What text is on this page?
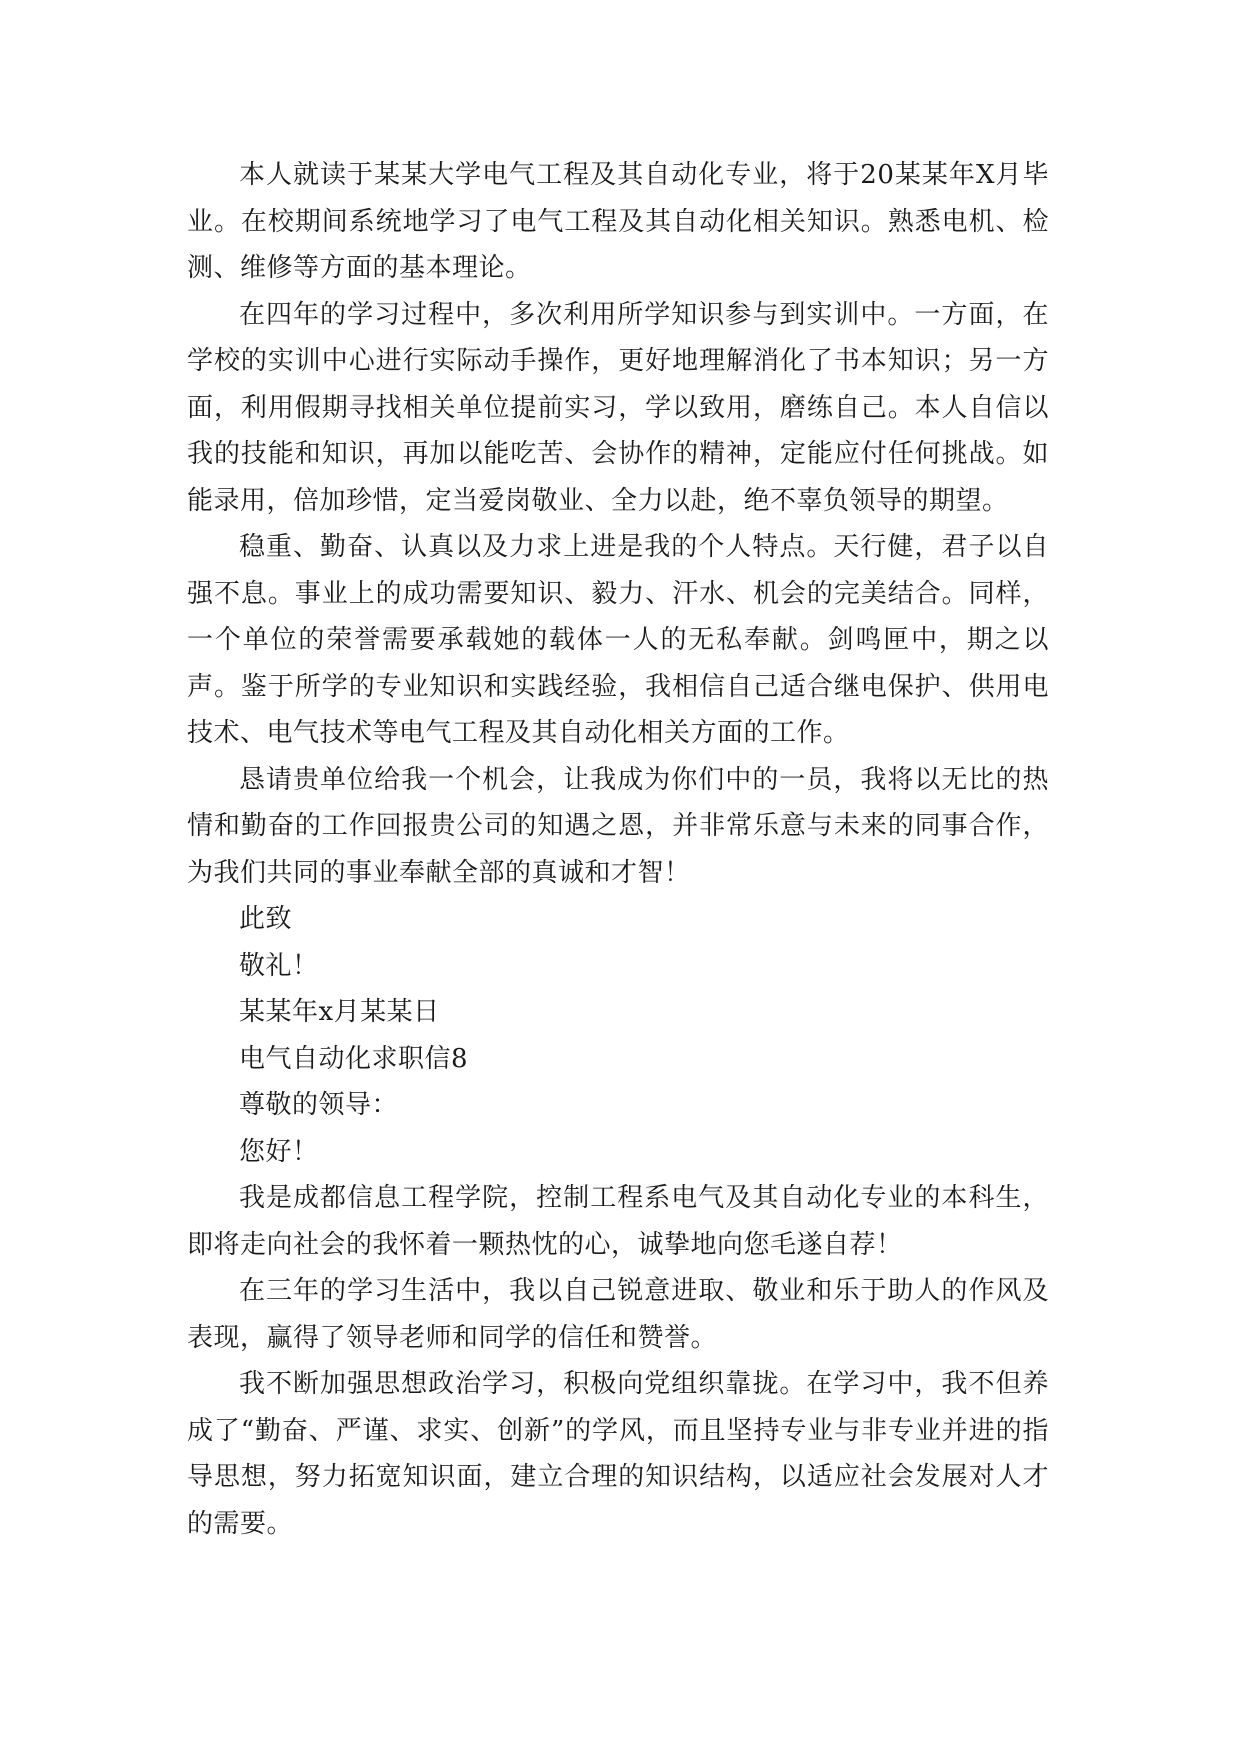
本人就读于某某大学电气工程及其自动化专业，将于20某某年X月毕业。在校期间系统地学习了电气工程及其自动化相关知识。熟悉电机、检测、维修等方面的基本理论。

在四年的学习过程中，多次利用所学知识参与到实训中。一方面，在学校的实训中心进行实际动手操作，更好地理解消化了书本知识；另一方面，利用假期寻找相关单位提前实习，学以致用，磨练自己。本人自信以我的技能和知识，再加以能吃苦、会协作的精神，定能应付任何挑战。如能录用，倍加珍惜，定当爱岗敬业、全力以赴，绝不辜负领导的期望。

稳重、勤奋、认真以及力求上进是我的个人特点。天行健，君子以自强不息。事业上的成功需要知识、毅力、汗水、机会的完美结合。同样，一个单位的荣誉需要承载她的载体一人的无私奉献。剑鸣匣中，期之以声。鉴于所学的专业知识和实践经验，我相信自己适合继电保护、供用电技术、电气技术等电气工程及其自动化相关方面的工作。

恳请贵单位给我一个机会，让我成为你们中的一员，我将以无比的热情和勤奋的工作回报贵公司的知遇之恩，并非常乐意与未来的同事合作，为我们共同的事业奉献全部的真诚和才智！

此致

敬礼！

某某年x月某某日

电气自动化求职信8

尊敬的领导：

您好！

我是成都信息工程学院，控制工程系电气及其自动化专业的本科生，即将走向社会的我怀着一颗热忱的心，诚挚地向您毛遂自荐！

在三年的学习生活中，我以自己锐意进取、敬业和乐于助人的作风及表现，赢得了领导老师和同学的信任和赞誉。

我不断加强思想政治学习，积极向党组织靠拢。在学习中，我不但养成了“勤奋、严谨、求实、创新”的学风，而且坚持专业与非专业并进的指导思想，努力拓宽知识面，建立合理的知识结构，以适应社会发展对人才的需要。
